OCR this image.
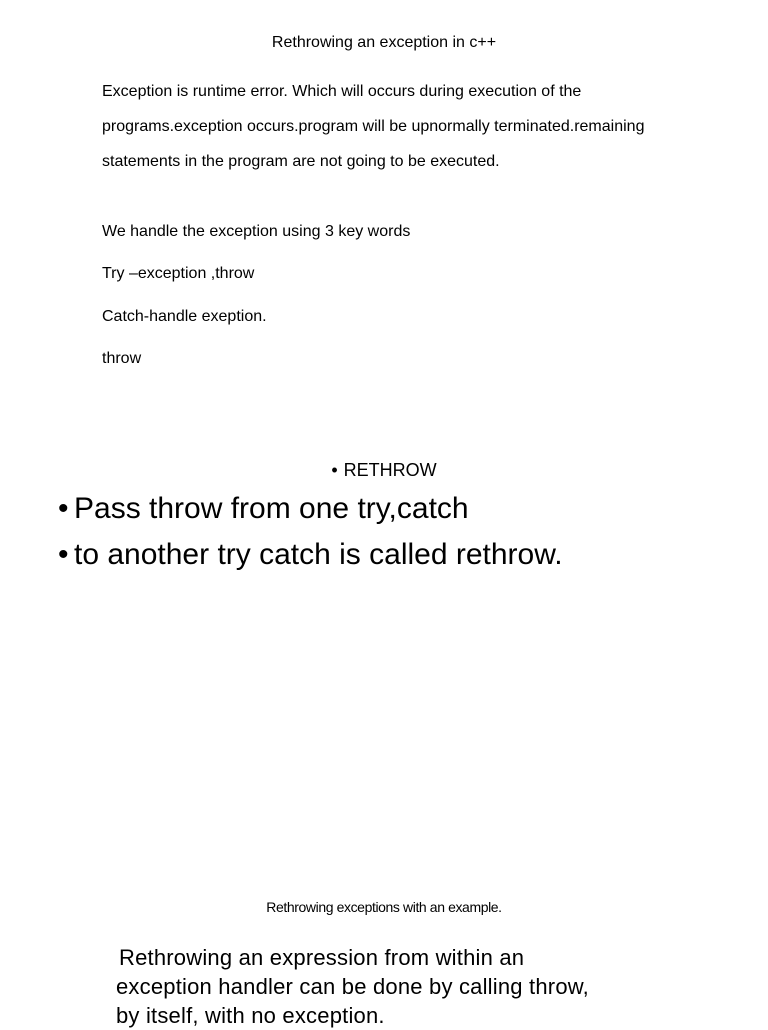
Rethrowing an exception in c++
Exception is runtime error. Which will occurs during execution of the programs.exception occurs.program will be upnormally terminated.remaining statements in the program are not going to be executed.
We handle the exception using 3 key words
Try –exception ,throw
Catch-handle exeption.
throw
• RETHROW
• Pass throw from one try,catch
• to another try catch is called rethrow.
Rethrowing exceptions with an example.
Rethrowing an expression from within an
exception handler can be done by calling throw,
by itself, with no exception.
